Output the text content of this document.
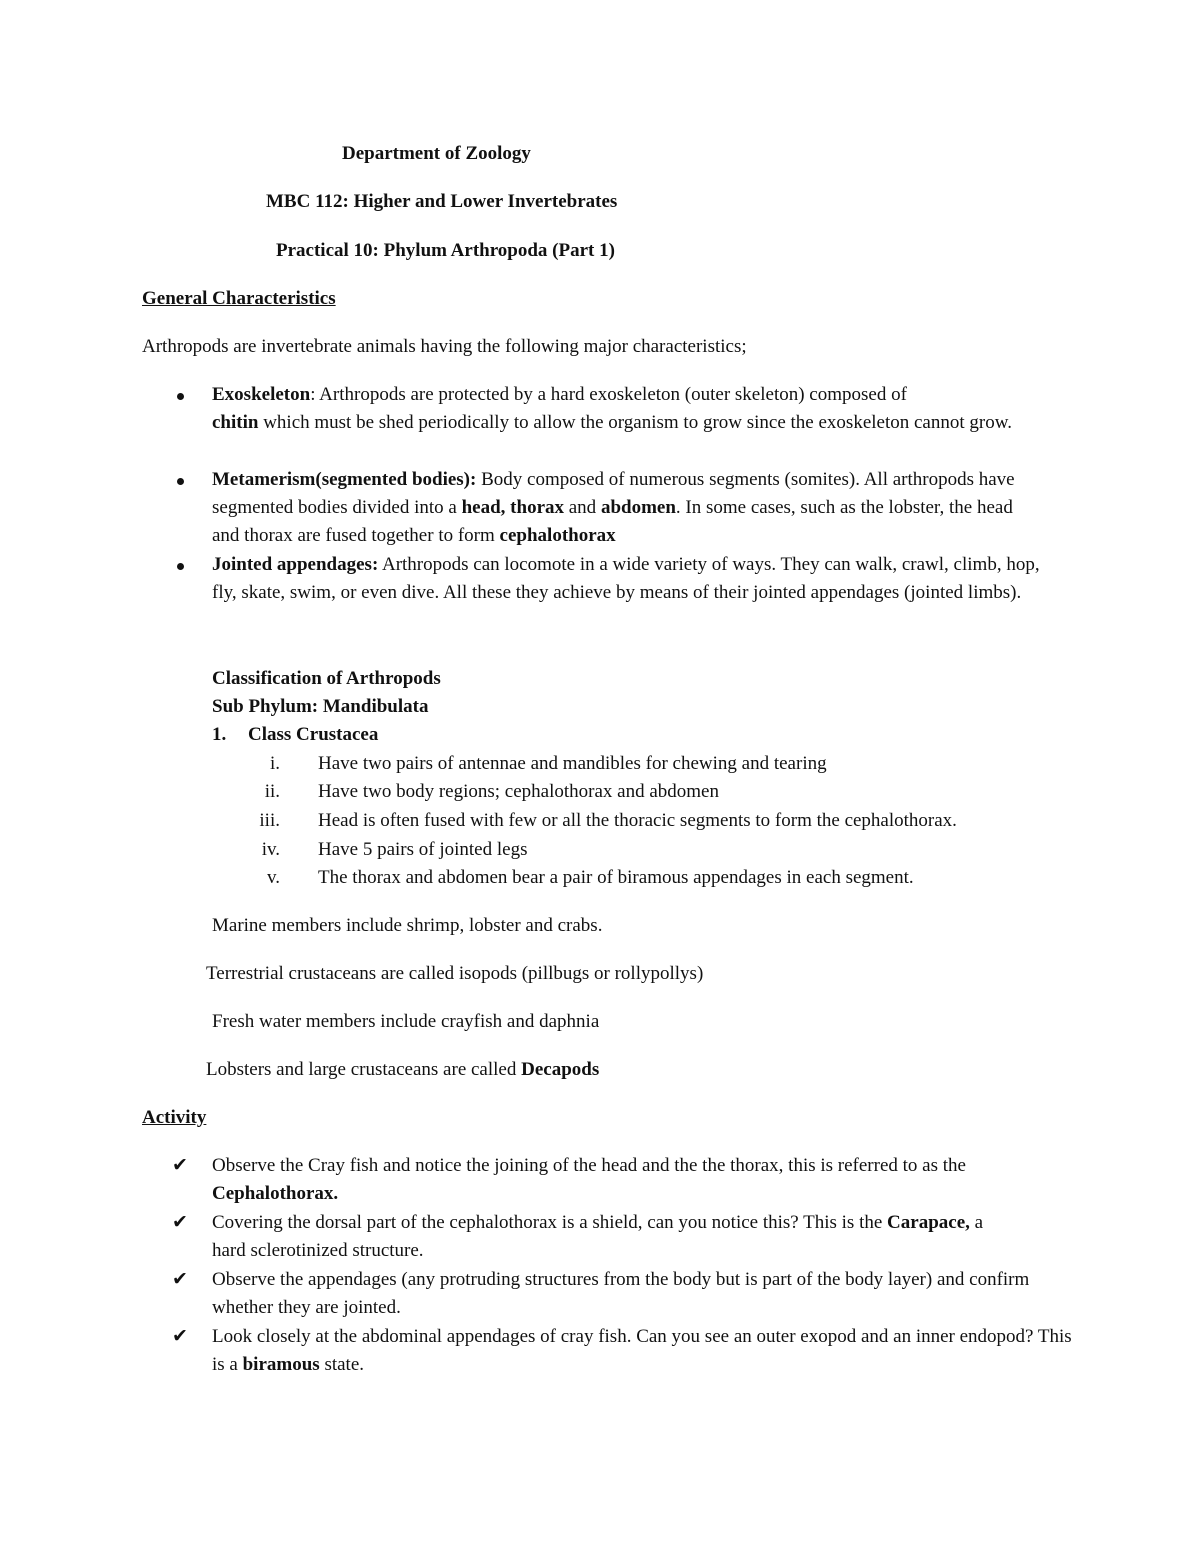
Department of Zoology
MBC 112: Higher and Lower Invertebrates
Practical 10: Phylum Arthropoda (Part 1)
General Characteristics
Arthropods are invertebrate animals having the following major characteristics;
Exoskeleton: Arthropods are protected by a hard exoskeleton (outer skeleton) composed of
chitin which must be shed periodically to allow the organism to grow since the exoskeleton cannot grow.
Metamerism(segmented bodies): Body composed of numerous segments (somites). All arthropods have segmented bodies divided into a head, thorax and abdomen. In some cases, such as the lobster, the head and thorax are fused together to form cephalothorax
Jointed appendages: Arthropods can locomote in a wide variety of ways. They can walk, crawl, climb, hop, fly, skate, swim, or even dive. All these they achieve by means of their jointed appendages (jointed limbs).
Classification of Arthropods
Sub Phylum: Mandibulata
1. Class Crustacea
i. Have two pairs of antennae and mandibles for chewing and tearing
ii. Have two body regions; cephalothorax and abdomen
iii. Head is often fused with few or all the thoracic segments to form the cephalothorax.
iv. Have 5 pairs of jointed legs
v. The thorax and abdomen bear a pair of biramous appendages in each segment.
Marine members include shrimp, lobster and crabs.
Terrestrial crustaceans are called isopods (pillbugs or rollypollys)
Fresh water members include crayfish and daphnia
Lobsters and large crustaceans are called Decapods
Activity
✔ Observe the Cray fish and notice the joining of the head and the the thorax, this is referred to as the Cephalothorax.
✔ Covering the dorsal part of the cephalothorax is a shield, can you notice this? This is the Carapace, a hard sclerotinized structure.
✔ Observe the appendages (any protruding structures from the body but is part of the body layer) and confirm whether they are jointed.
✔ Look closely at the abdominal appendages of cray fish. Can you see an outer exopod and an inner endopod? This is a biramous state.
